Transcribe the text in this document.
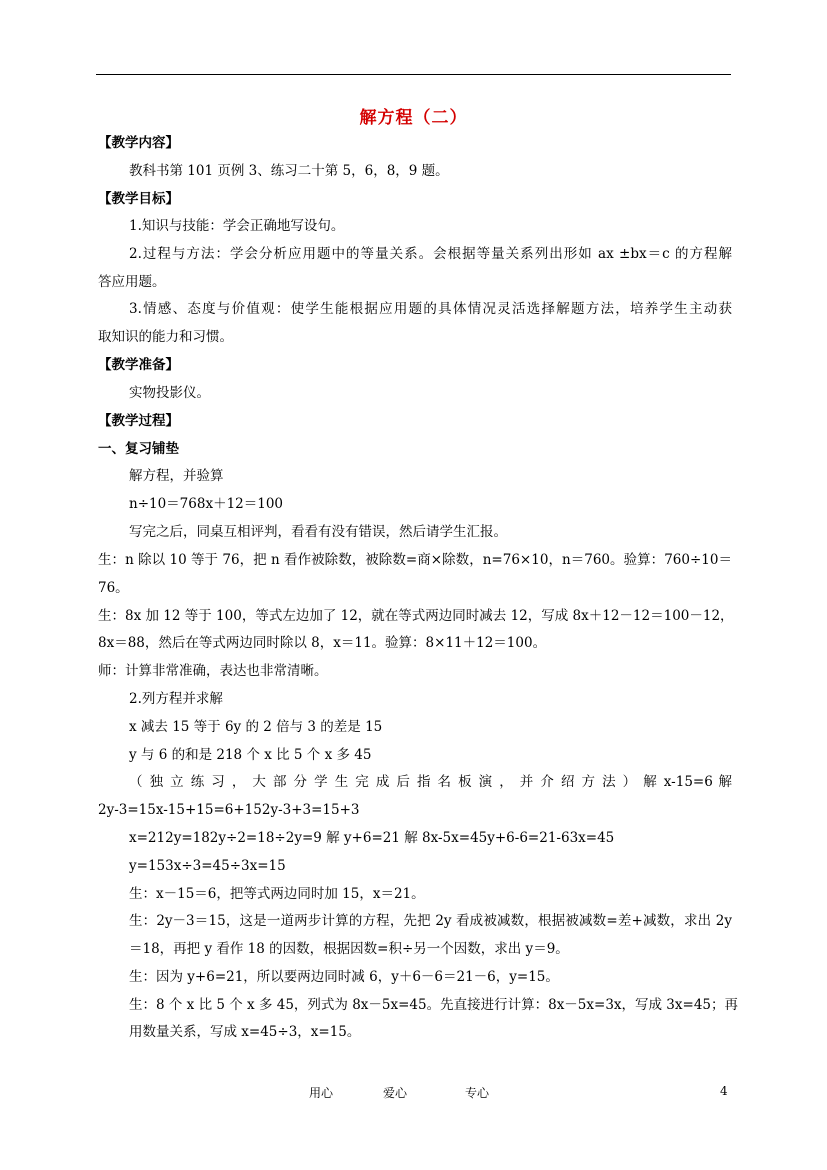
解方程（二）
【教学内容】
教科书第 101 页例 3、练习二十第 5，6，8，9 题。
【教学目标】
1.知识与技能：学会正确地写设句。
2.过程与方法：学会分析应用题中的等量关系。会根据等量关系列出形如 ax ±bx＝c 的方程解
答应用题。
3.情感、态度与价值观：使学生能根据应用题的具体情况灵活选择解题方法，培养学生主动获
取知识的能力和习惯。
【教学准备】
实物投影仪。
【教学过程】
一、复习铺垫
解方程，并验算
n÷10＝768x＋12＝100
写完之后，同桌互相评判，看看有没有错误，然后请学生汇报。
生：n 除以 10 等于 76，把 n 看作被除数，被除数=商×除数，n=76×10，n＝760。验算：760÷10＝
76。
生：8x 加 12 等于 100，等式左边加了 12，就在等式两边同时减去 12，写成 8x＋12－12＝100－12，
8x＝88，然后在等式两边同时除以 8，x＝11。验算：8×11＋12＝100。
师：计算非常准确，表达也非常清晰。
2.列方程并求解
x 减去 15 等于 6y 的 2 倍与 3 的差是 15
y 与 6 的和是 218 个 x 比 5 个 x 多 45
（ 独 立 练 习 ， 大 部 分 学 生 完 成 后 指 名 板 演 ， 并 介 绍 方 法 ） 解 x-15=6 解
2y-3=15x-15+15=6+152y-3+3=15+3
x=212y=182y÷2=18÷2y=9 解 y+6=21 解 8x-5x=45y+6-6=21-63x=45
y=153x÷3=45÷3x=15
生：x－15＝6，把等式两边同时加 15，x＝21。
生：2y－3＝15，这是一道两步计算的方程，先把 2y 看成被减数，根据被减数=差+减数，求出 2y
＝18，再把 y 看作 18 的因数，根据因数=积÷另一个因数，求出 y＝9。
生：因为 y+6=21，所以要两边同时减 6，y＋6－6＝21－6，y=15。
生：8 个 x 比 5 个 x 多 45，列式为 8x－5x=45。先直接进行计算：8x－5x=3x，写成 3x=45；再
用数量关系，写成 x=45÷3，x=15。
用心	爱心	专心	4
